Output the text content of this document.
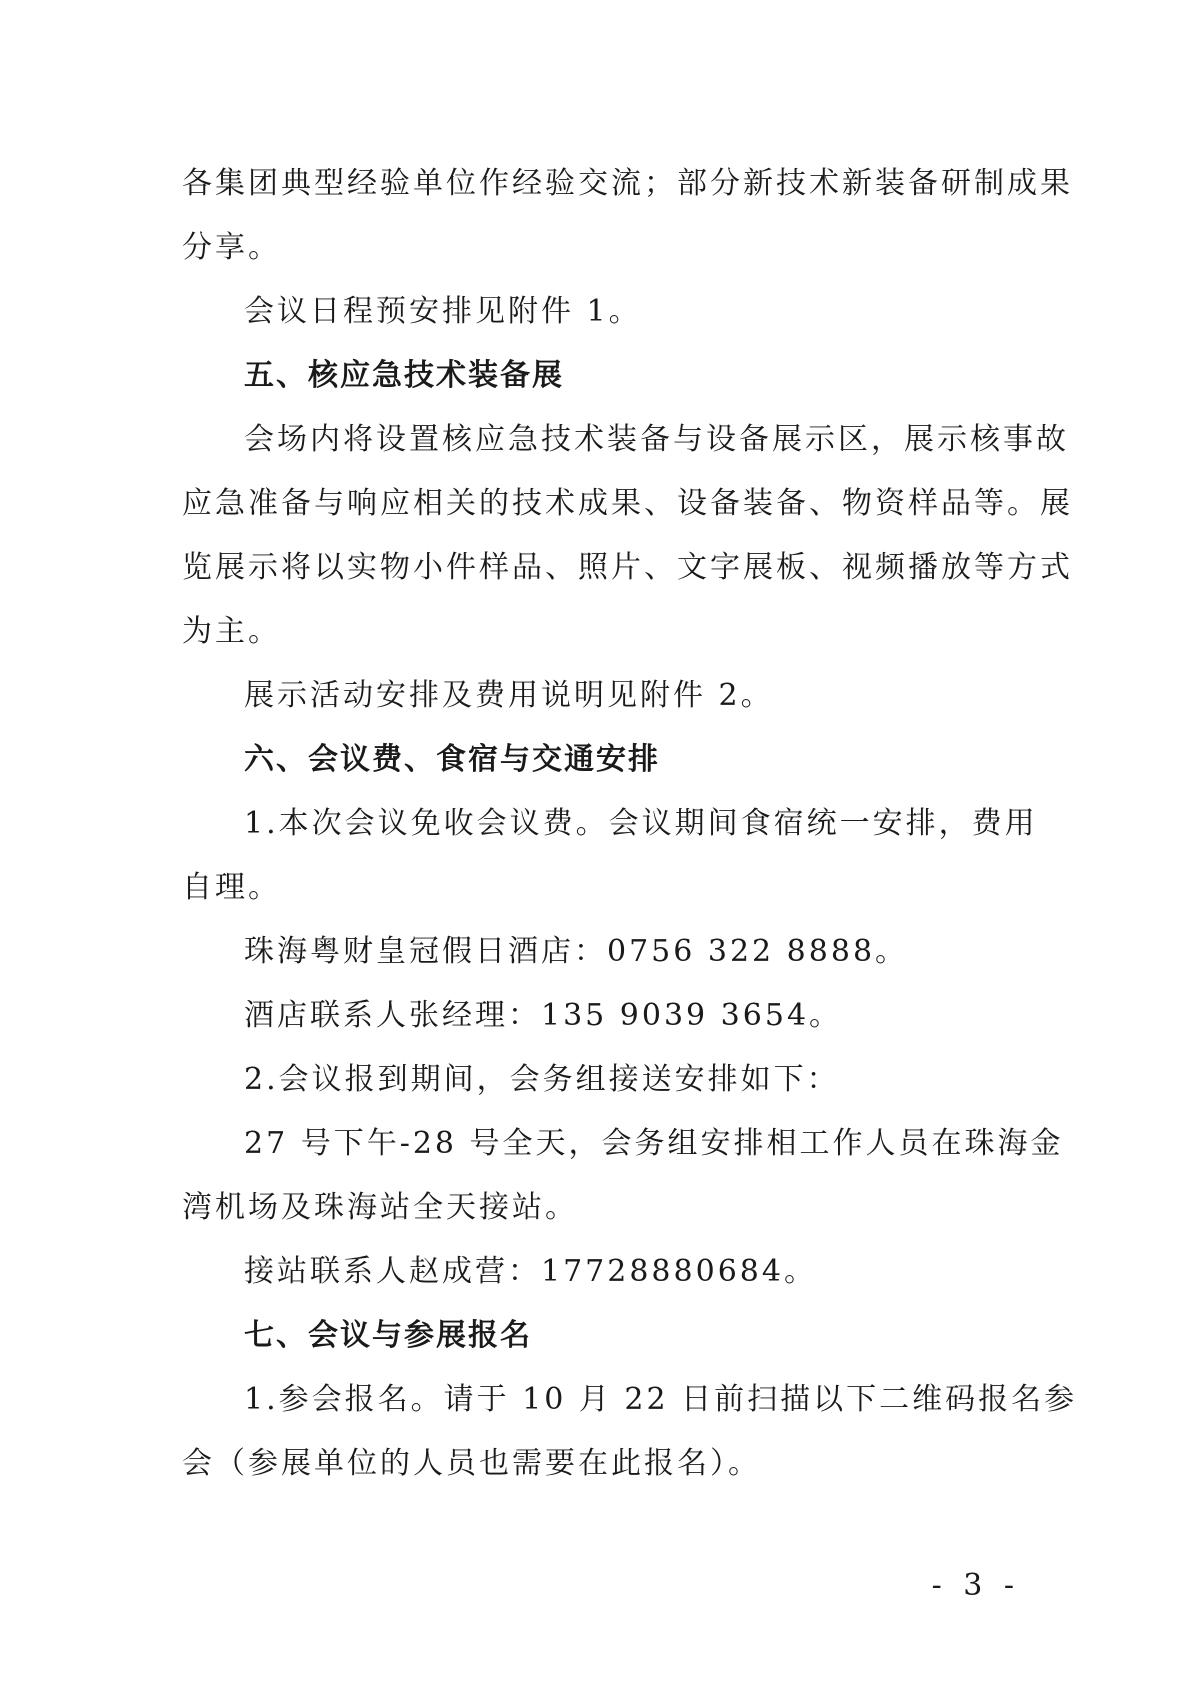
各集团典型经验单位作经验交流；部分新技术新装备研制成果

分享。

会议日程预安排见附件 1。

五、核应急技术装备展

会场内将设置核应急技术装备与设备展示区，展示核事故

应急准备与响应相关的技术成果、设备装备、物资样品等。展

览展示将以实物小件样品、照片、文字展板、视频播放等方式

为主。

展示活动安排及费用说明见附件 2。

六、会议费、食宿与交通安排

1.本次会议免收会议费。会议期间食宿统一安排，费用

自理。

珠海粤财皇冠假日酒店：0756 322 8888。

酒店联系人张经理：135 9039 3654。

2.会议报到期间，会务组接送安排如下：

27 号下午-28 号全天，会务组安排相工作人员在珠海金

湾机场及珠海站全天接站。

接站联系人赵成营：17728880684。

七、会议与参展报名

1.参会报名。请于 10 月 22 日前扫描以下二维码报名参

会（参展单位的人员也需要在此报名）。

- 3 -
